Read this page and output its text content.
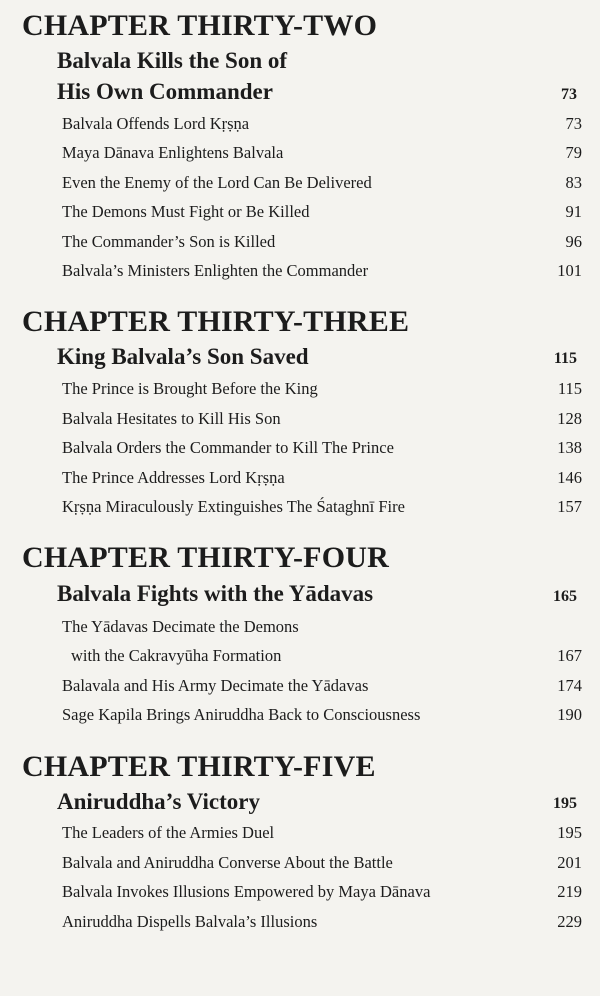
CHAPTER THIRTY-TWO
Balvala Kills the Son of
His Own Commander	73
Balvala Offends Lord Kṛṣṇa	73
Maya Dānava Enlightens Balvala	79
Even the Enemy of the Lord Can Be Delivered	83
The Demons Must Fight or Be Killed	91
The Commander’s Son is Killed	96
Balvala’s Ministers Enlighten the Commander	101
CHAPTER THIRTY-THREE
King Balvala’s Son Saved	115
The Prince is Brought Before the King	115
Balvala Hesitates to Kill His Son	128
Balvala Orders the Commander to Kill The Prince	138
The Prince Addresses Lord Kṛṣṇa	146
Kṛṣṇa Miraculously Extinguishes The Śataghnī Fire	157
CHAPTER THIRTY-FOUR
Balvala Fights with the Yādavas	165
The Yādavas Decimate the Demons
with the Cakravyūha Formation	167
Balavala and His Army Decimate the Yādavas	174
Sage Kapila Brings Aniruddha Back to Consciousness	190
CHAPTER THIRTY-FIVE
Aniruddha’s Victory	195
The Leaders of the Armies Duel	195
Balvala and Aniruddha Converse About the Battle	201
Balvala Invokes Illusions Empowered by Maya Dānava	219
Aniruddha Dispells Balvala’s Illusions	229
